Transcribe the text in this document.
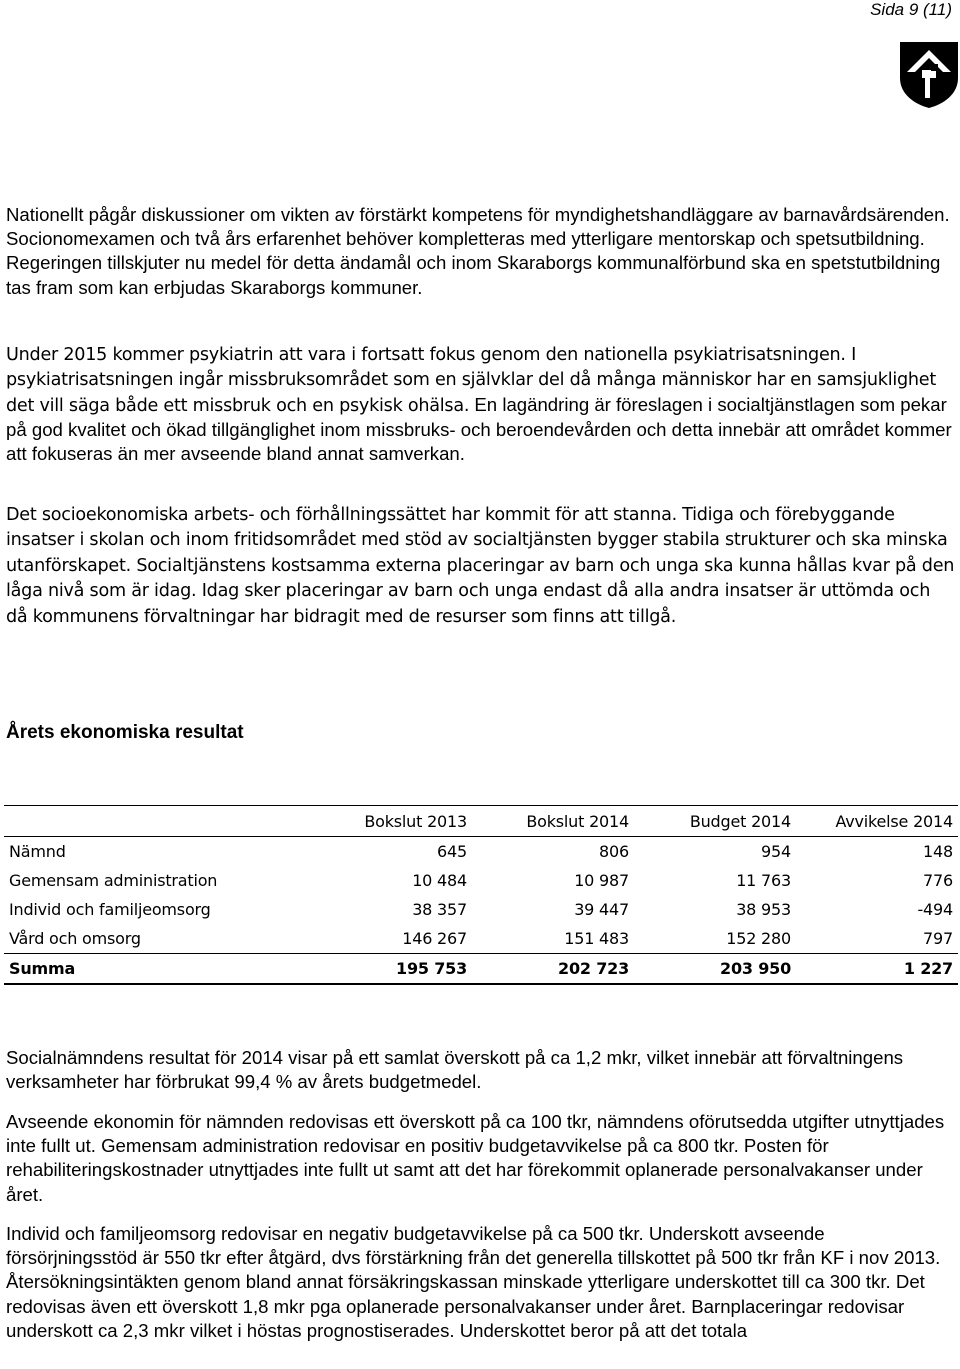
Sida 9 (11)

Nationellt pågår diskussioner om vikten av förstärkt kompetens för myndighetshandläggare av barnavårdsärenden. Socionomexamen och två års erfarenhet behöver kompletteras med ytterligare mentorskap och spetsutbildning. Regeringen tillskjuter nu medel för detta ändamål och inom Skaraborgs kommunalförbund ska en spetstutbildning tas fram som kan erbjudas Skaraborgs kommuner.

Under 2015 kommer psykiatrin att vara i fortsatt fokus genom den nationella psykiatrisatsningen. I psykiatrisatsningen ingår missbruksområdet som en självklar del då många människor har en samsjuklighet det vill säga både ett missbruk och en psykisk ohälsa. En lagändring är föreslagen i socialtjänstlagen som pekar på god kvalitet och ökad tillgänglighet inom missbruks- och beroendevården och detta innebär att området kommer att fokuseras än mer avseende bland annat samverkan.

Det socioekonomiska arbets- och förhållningssättet har kommit för att stanna. Tidiga och förebyggande insatser i skolan och inom fritidsområdet med stöd av socialtjänsten bygger stabila strukturer och ska minska utanförskapet. Socialtjänstens kostsamma externa placeringar av barn och unga ska kunna hållas kvar på den låga nivå som är idag. Idag sker placeringar av barn och unga endast då alla andra insatser är uttömda och då kommunens förvaltningar har bidragit med de resurser som finns att tillgå.

Årets ekonomiska resultat
	Bokslut 2013	Bokslut 2014	Budget 2014	Avvikelse 2014
Nämnd	645	806	954	148
Gemensam administration	10 484	10 987	11 763	776
Individ och familjeomsorg	38 357	39 447	38 953	-494
Vård och omsorg	146 267	151 483	152 280	797
Summa	195 753	202 723	203 950	1 227

Socialnämndens resultat för 2014 visar på ett samlat överskott på ca 1,2 mkr, vilket innebär att förvaltningens verksamheter har förbrukat 99,4 % av årets budgetmedel.

Avseende ekonomin för nämnden redovisas ett överskott på ca 100 tkr, nämndens oförutsedda utgifter utnyttjades inte fullt ut. Gemensam administration redovisar en positiv budgetavvikelse på ca 800 tkr. Posten för rehabiliteringskostnader utnyttjades inte fullt ut samt att det har förekommit oplanerade personalvakanser under året.

Individ och familjeomsorg redovisar en negativ budgetavvikelse på ca 500 tkr. Underskott avseende försörjningsstöd är 550 tkr efter åtgärd, dvs förstärkning från det generella tillskottet på 500 tkr från KF i nov 2013. Återsökningsintäkten genom bland annat försäkringskassan minskade ytterligare underskottet till ca 300 tkr. Det redovisas även ett överskott 1,8 mkr pga oplanerade personalvakanser under året. Barnplaceringar redovisar underskott ca 2,3 mkr vilket i höstas prognostiserades. Underskottet beror på att det totala
